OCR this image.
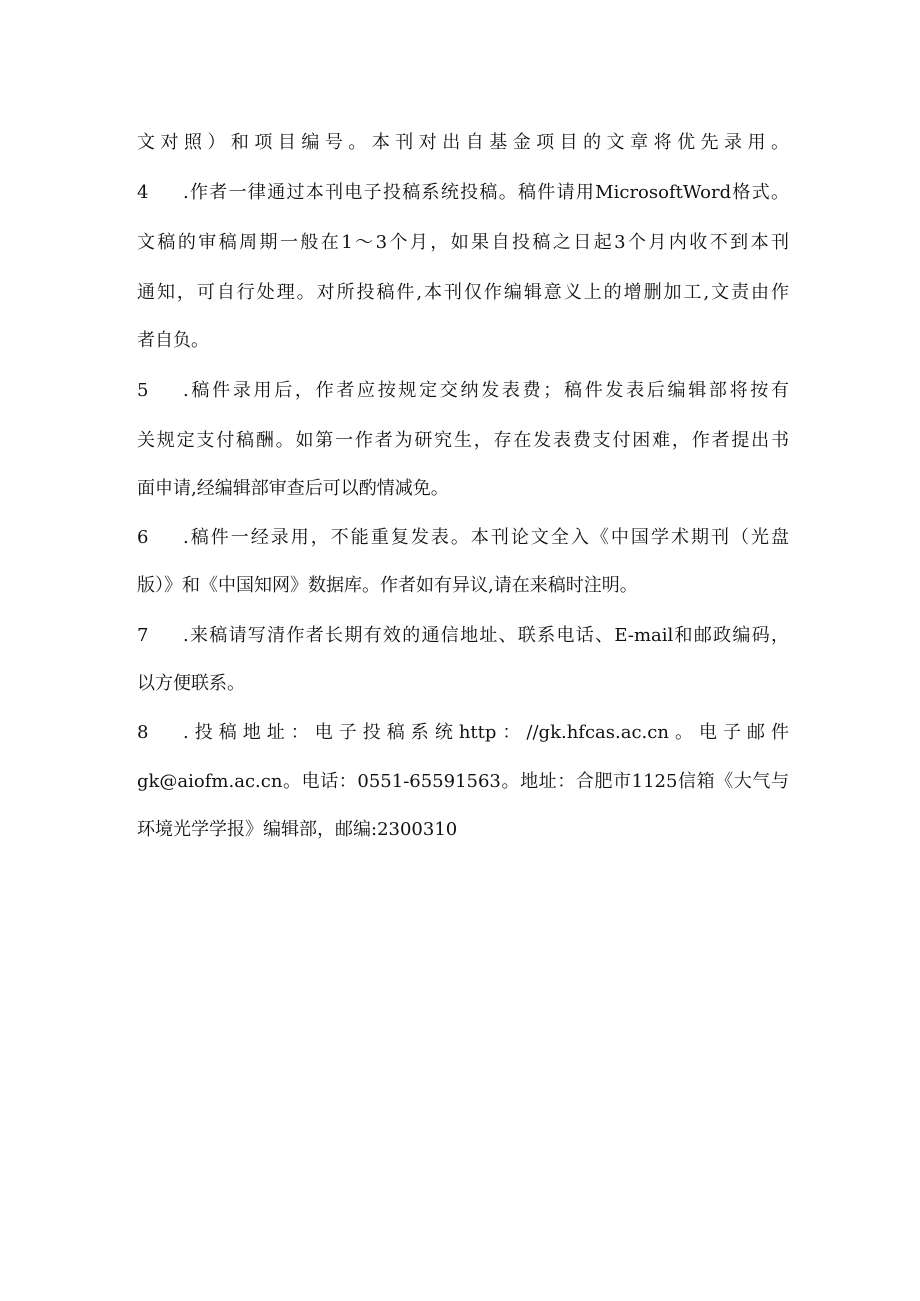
文对照）和项目编号。本刊对出自基金项目的文章将优先录用。
4 .作者一律通过本刊电子投稿系统投稿。稿件请用MicrosoftWord格式。
文稿的审稿周期一般在1～3个月，如果自投稿之日起3个月内收不到本刊
通知，可自行处理。对所投稿件,本刊仅作编辑意义上的增删加工,文责由作
者自负。
5 .稿件录用后，作者应按规定交纳发表费；稿件发表后编辑部将按有
关规定支付稿酬。如第一作者为研究生，存在发表费支付困难，作者提出书
面申请,经编辑部审查后可以酌情减免。
6 .稿件一经录用，不能重复发表。本刊论文全入《中国学术期刊（光盘
版）》和《中国知网》数据库。作者如有异议,请在来稿时注明。
7 .来稿请写清作者长期有效的通信地址、联系电话、E-mail和邮政编码，
以方便联系。
8 .投稿地址：电子投稿系统http：//gk.hfcas.ac.cn。电子邮件
gk@aiofm.ac.cn。电话：0551-65591563。地址：合肥市1125信箱《大气与
环境光学学报》编辑部，邮编:2300310
